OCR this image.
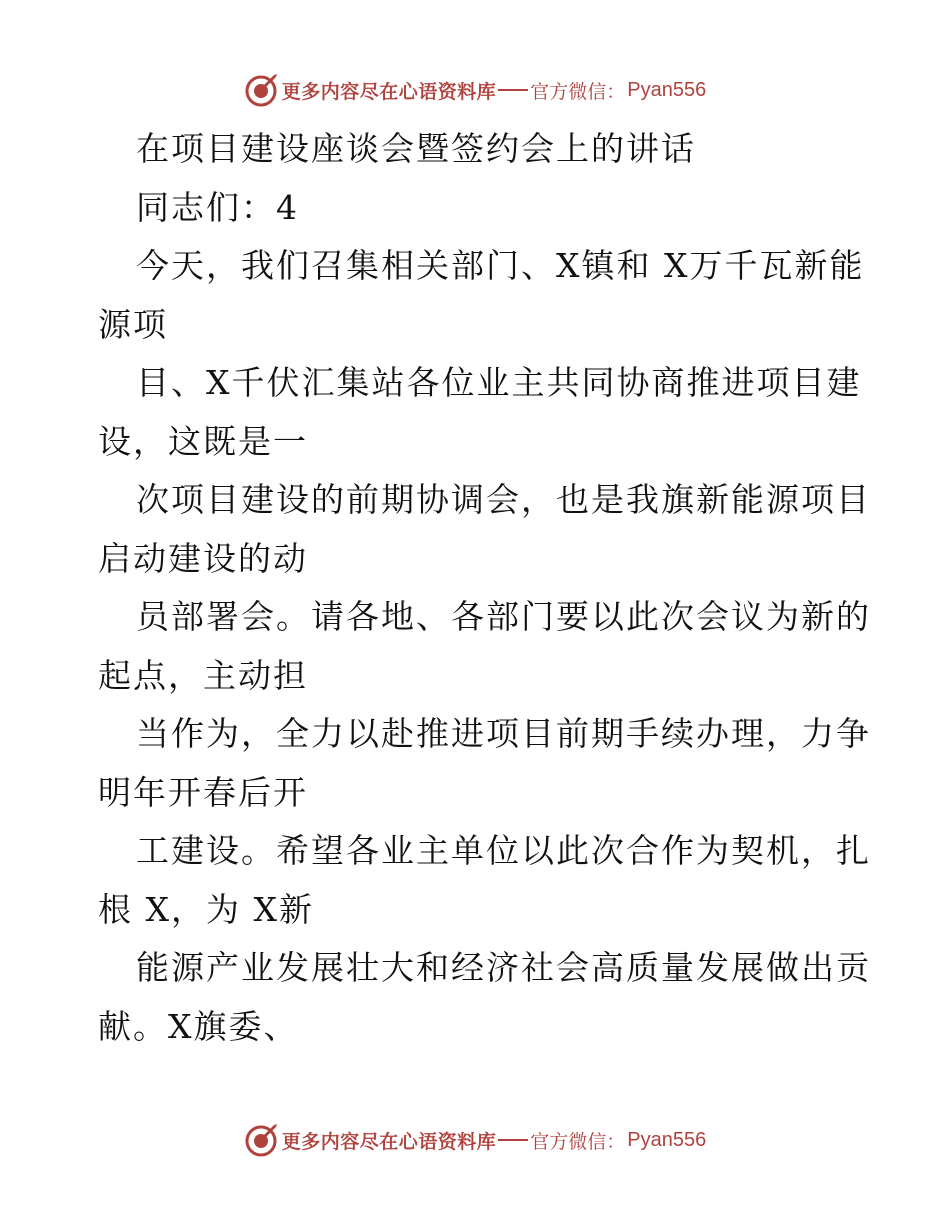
更多内容尽在心语资料库 官方微信： Pyan556

在项目建设座谈会暨签约会上的讲话

同志们：4

今天，我们召集相关部门、X镇和 X万千瓦新能

源项

目、X千伏汇集站各位业主共同协商推进项目建

设，这既是一

次项目建设的前期协调会，也是我旗新能源项目

启动建设的动

员部署会。请各地、各部门要以此次会议为新的

起点，主动担

当作为，全力以赴推进项目前期手续办理，力争

明年开春后开

工建设。希望各业主单位以此次合作为契机，扎

根 X，为 X新

能源产业发展壮大和经济社会高质量发展做出贡

献。X旗委、

更多内容尽在心语资料库 官方微信： Pyan556
